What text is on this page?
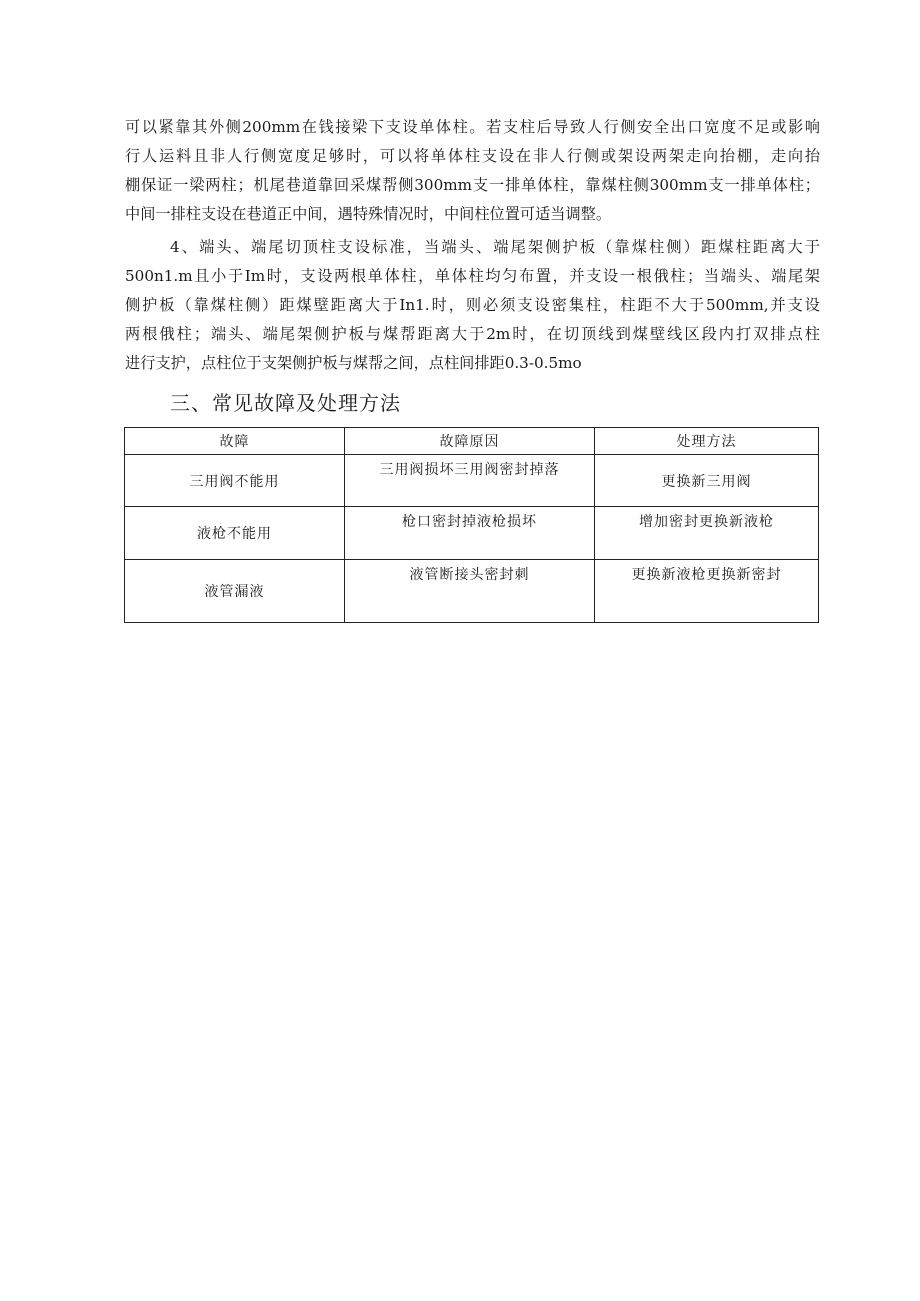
可以紧靠其外侧200mm在钱接梁下支设单体柱。若支柱后导致人行侧安全出口宽度不足或影响
行人运料且非人行侧宽度足够时，可以将单体柱支设在非人行侧或架设两架走向抬棚，走向抬
棚保证一梁两柱；机尾巷道靠回采煤帮侧300mm支一排单体柱，靠煤柱侧300mm支一排单体柱；
中间一排柱支设在巷道正中间，遇特殊情况时，中间柱位置可适当调整。
4、端头、端尾切顶柱支设标准，当端头、端尾架侧护板（靠煤柱侧）距煤柱距离大于
500n1.m且小于Im时，支设两根单体柱，单体柱均匀布置，并支设一根俄柱；当端头、端尾架
侧护板（靠煤柱侧）距煤壁距离大于In1.时，则必须支设密集柱，柱距不大于500mm,并支设
两根俄柱；端头、端尾架侧护板与煤帮距离大于2m时，在切顶线到煤壁线区段内打双排点柱
进行支护，点柱位于支架侧护板与煤帮之间，点柱间排距0.3-0.5mo
三、常见故障及处理方法
故障	故障原因	处理方法
三用阀不能用	三用阀损坏三用阀密封掉落	更换新三用阀
液枪不能用	枪口密封掉液枪损坏	增加密封更换新液枪
液管漏液	液管断接头密封刺	更换新液枪更换新密封
